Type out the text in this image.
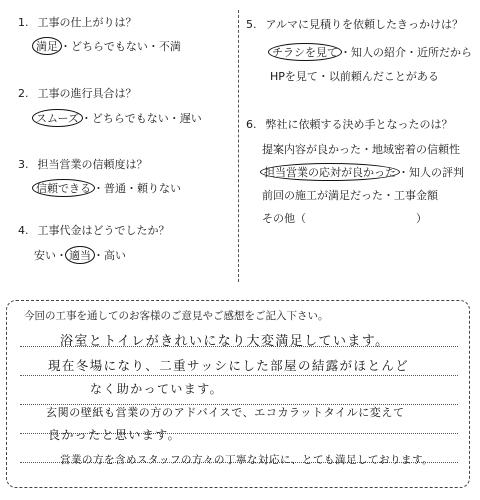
1. 工事の仕上がりは？
満足 ・どちらでもない・不満
2. 工事の進行具合は？
スムーズ ・どちらでもない・遅い
3. 担当営業の信頼度は？
信頼できる ・普通・頼りない
4. 工事代金はどうでしたか？
安い・ 適当 ・高い
5. アルマに見積りを依頼したきっかけは？
チラシを見て ・知人の紹介・近所だから
HPを見て・以前頼んだことがある
6. 弊社に依頼する決め手となったのは？
提案内容が良かった・地域密着の信頼性
担当営業の応対が良かった ・知人の評判
前回の施工が満足だった・工事金額
その他（　　　　　　　　　　）
今回の工事を通してのお客様のご意見やご感想をご記入下さい。
浴室とトイレがきれいになり大変満足しています。
現在冬場になり、二重サッシにした部屋の結露がほとんど
なく助かっています。
玄関の壁紙も営業の方のアドバイスで、エコカラットタイルに変えて
良かったと思います。
営業の方を含めスタッフの方々の丁寧な対応に、とても満足しております。
